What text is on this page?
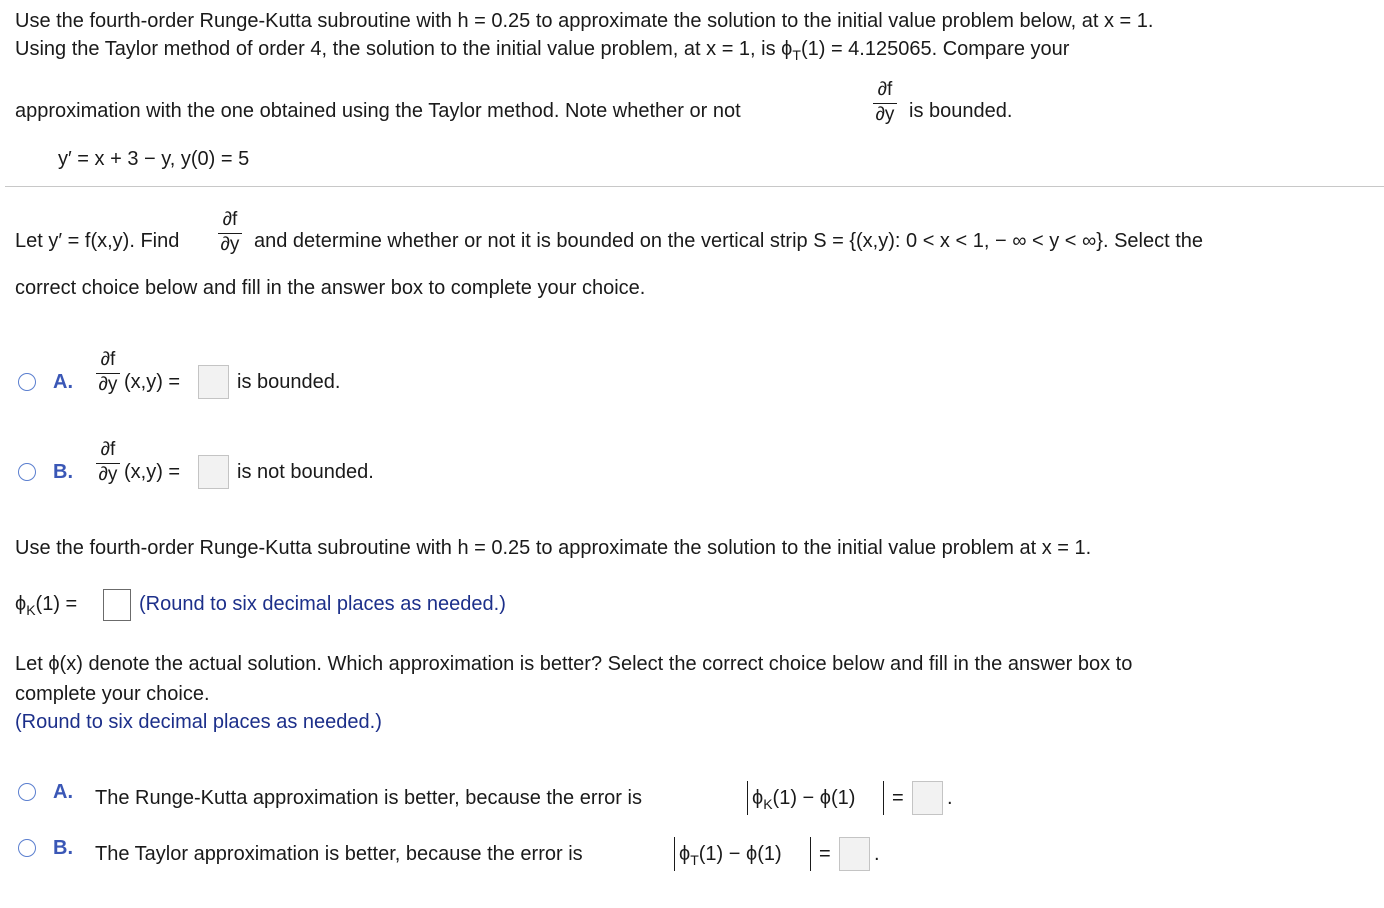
Use the fourth-order Runge-Kutta subroutine with h = 0.25 to approximate the solution to the initial value problem below, at x = 1.
Using the Taylor method of order 4, the solution to the initial value problem, at x = 1, is $\phi_T(1) = 4.125065$. Compare your
approximation with the one obtained using the Taylor method. Note whether or not
∂f
∂y is bounded.
y′ = x + 3 − y, y(0) = 5
Let y′ = f(x,y). Find
∂f
∂y and determine whether or not it is bounded on the vertical strip S = {(x,y): 0 < x < 1, − ∞ < y < ∞}. Select the
correct choice below and fill in the answer box to complete your choice.
A.
∂f
∂y (x,y) =	is bounded.
B.
∂f
∂y (x,y) =	is not bounded.
Use the fourth-order Runge-Kutta subroutine with h = 0.25 to approximate the solution to the initial value problem at x = 1.
$\phi_K(1)$ =	(Round to six decimal places as needed.)
Let ϕ(x) denote the actual solution. Which approximation is better? Select the correct choice below and fill in the answer box to
complete your choice.
(Round to six decimal places as needed.)
A. The Runge-Kutta approximation is better, because the error is	$\phi_K(1) - \phi(1)$ = .
B. The Taylor approximation is better, because the error is	$\phi_T(1) - \phi(1)$ = .
